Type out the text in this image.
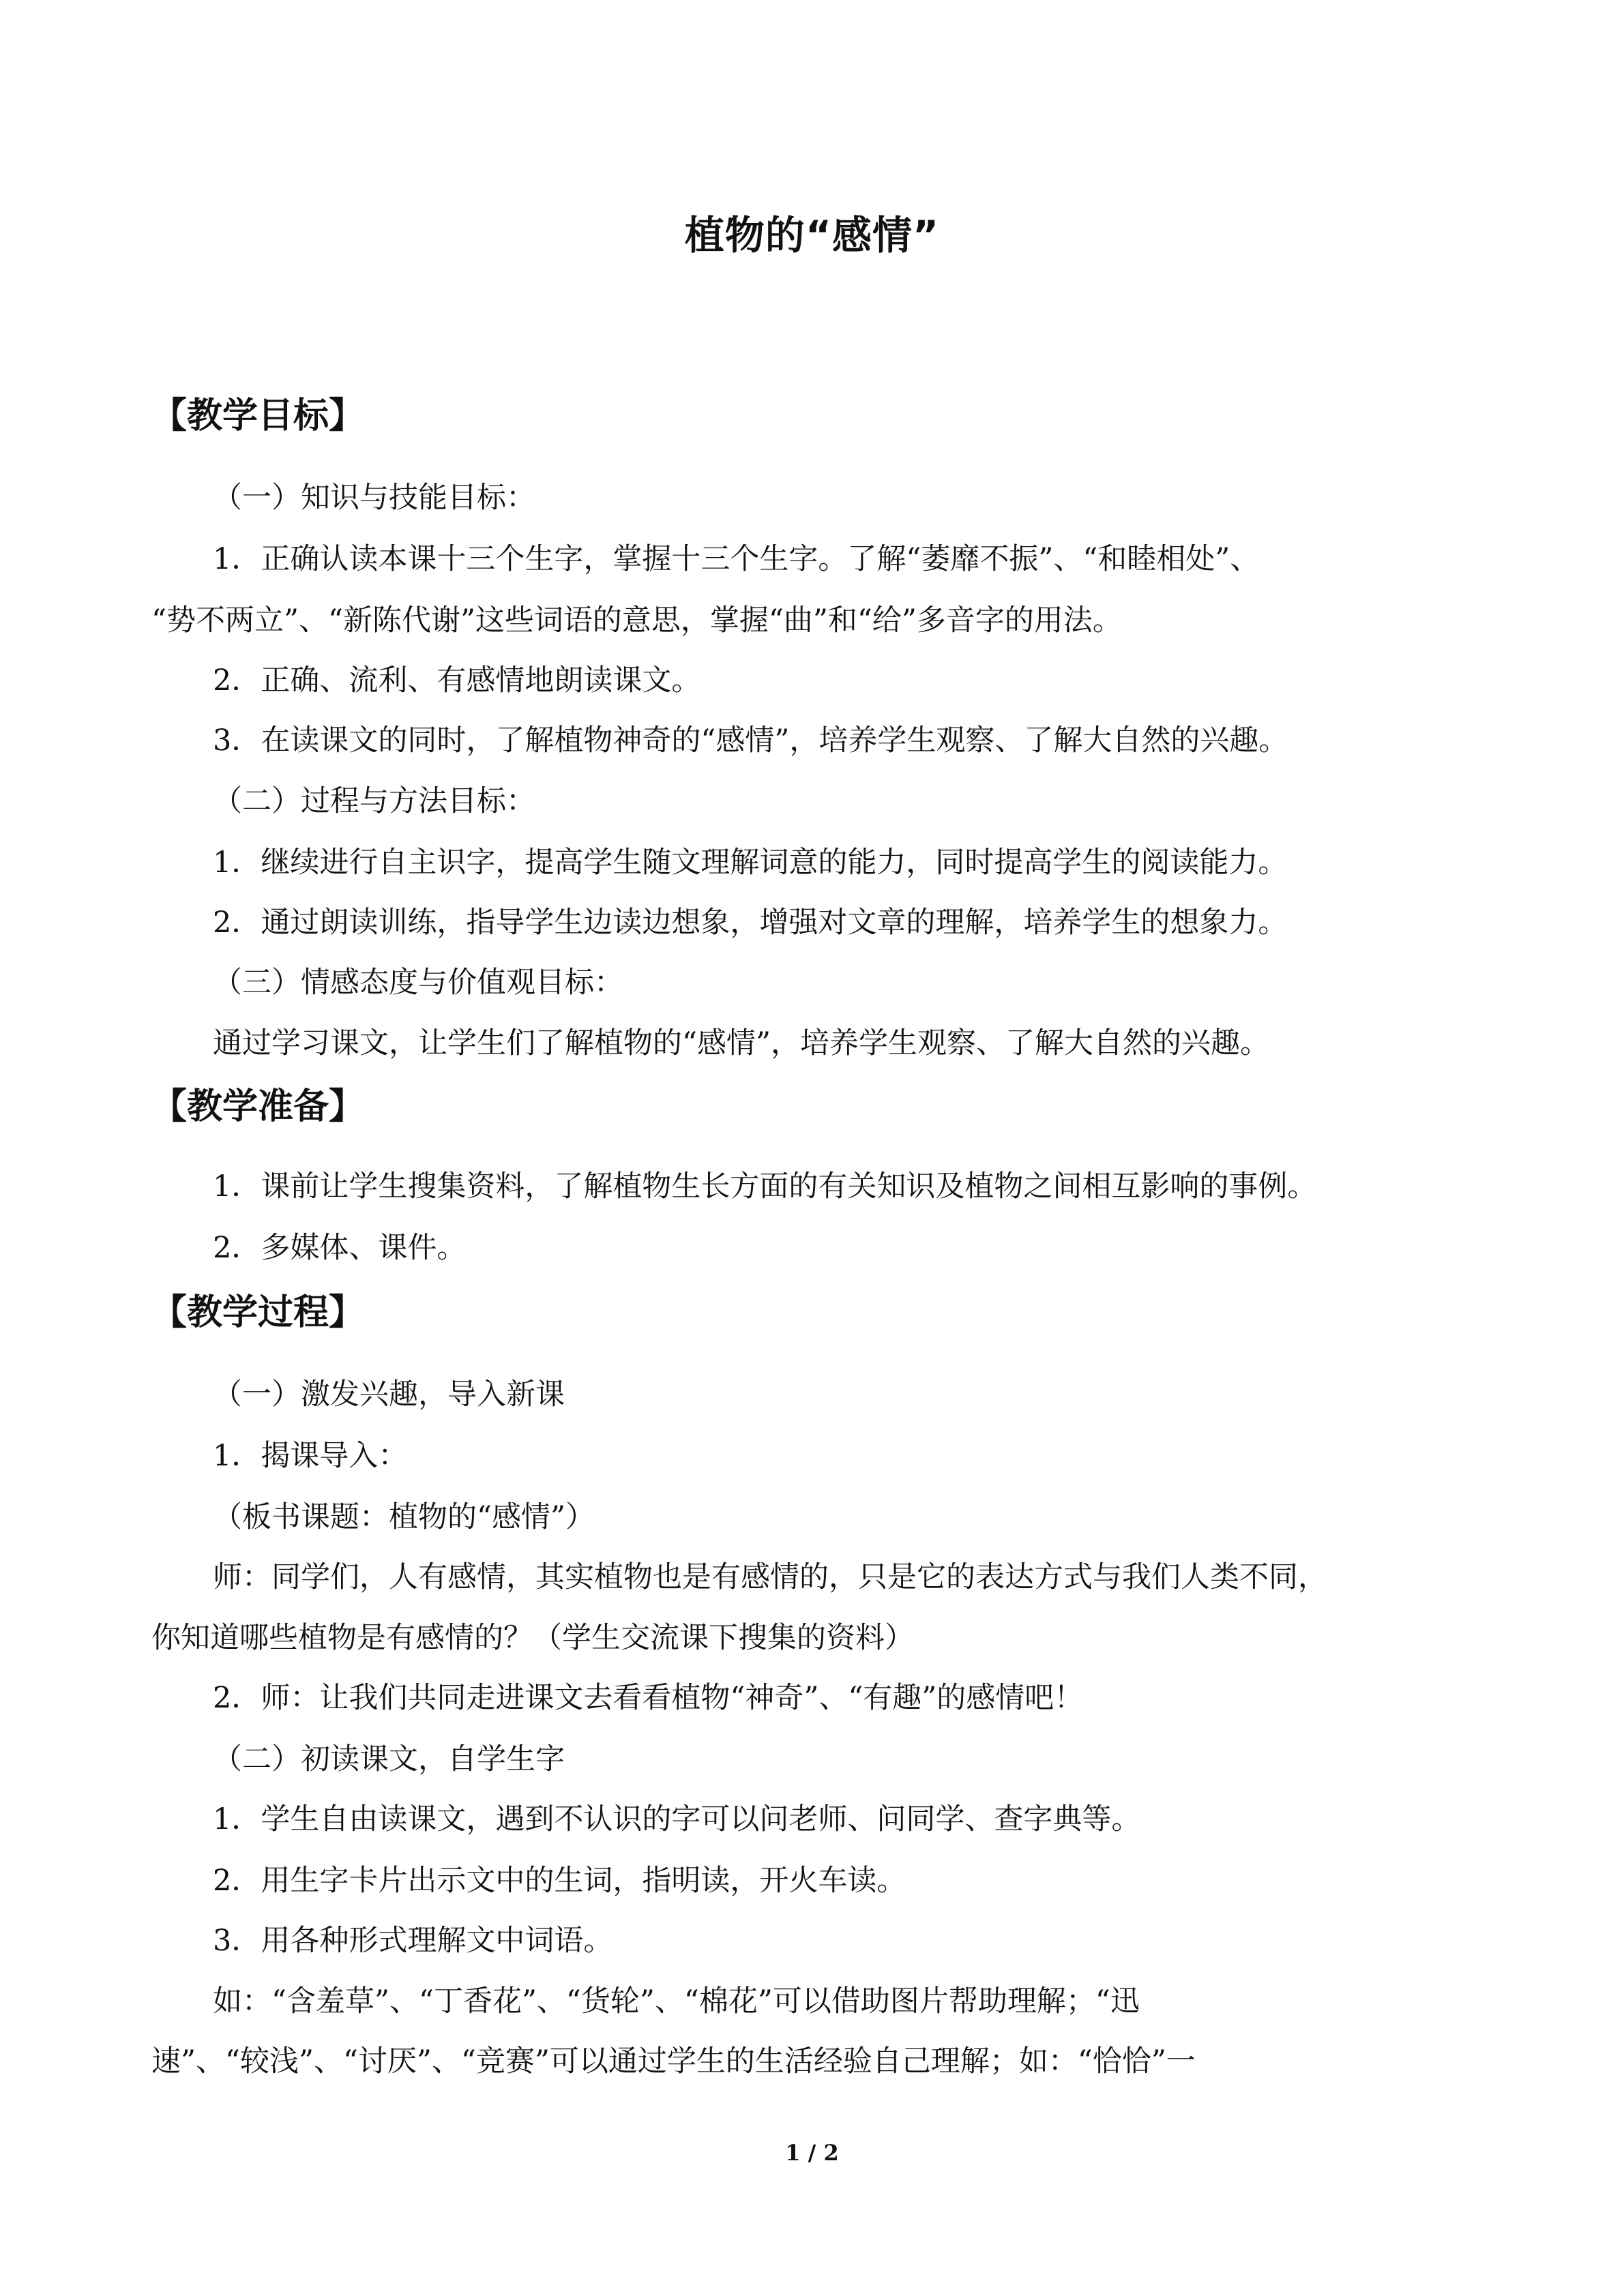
植物的“感情”
【教学目标】
（一）知识与技能目标：
1．正确认读本课十三个生字，掌握十三个生字。了解“萎靡不振”、“和睦相处”、
“势不两立”、“新陈代谢”这些词语的意思，掌握“曲”和“给”多音字的用法。
2．正确、流利、有感情地朗读课文。
3．在读课文的同时，了解植物神奇的“感情”，培养学生观察、了解大自然的兴趣。
（二）过程与方法目标：
1．继续进行自主识字，提高学生随文理解词意的能力，同时提高学生的阅读能力。
2．通过朗读训练，指导学生边读边想象，增强对文章的理解，培养学生的想象力。
（三）情感态度与价值观目标：
通过学习课文，让学生们了解植物的“感情”，培养学生观察、了解大自然的兴趣。
【教学准备】
1．课前让学生搜集资料，了解植物生长方面的有关知识及植物之间相互影响的事例。
2．多媒体、课件。
【教学过程】
（一）激发兴趣，导入新课
1．揭课导入：
（板书课题：植物的“感情”）
师：同学们，人有感情，其实植物也是有感情的，只是它的表达方式与我们人类不同，
你知道哪些植物是有感情的？（学生交流课下搜集的资料）
2．师：让我们共同走进课文去看看植物“神奇”、“有趣”的感情吧！
（二）初读课文，自学生字
1．学生自由读课文，遇到不认识的字可以问老师、问同学、查字典等。
2．用生字卡片出示文中的生词，指明读，开火车读。
3．用各种形式理解文中词语。
如：“含羞草”、“丁香花”、“货轮”、“棉花”可以借助图片帮助理解；“迅
速”、“较浅”、“讨厌”、“竞赛”可以通过学生的生活经验自己理解；如：“恰恰”一
1 / 2
